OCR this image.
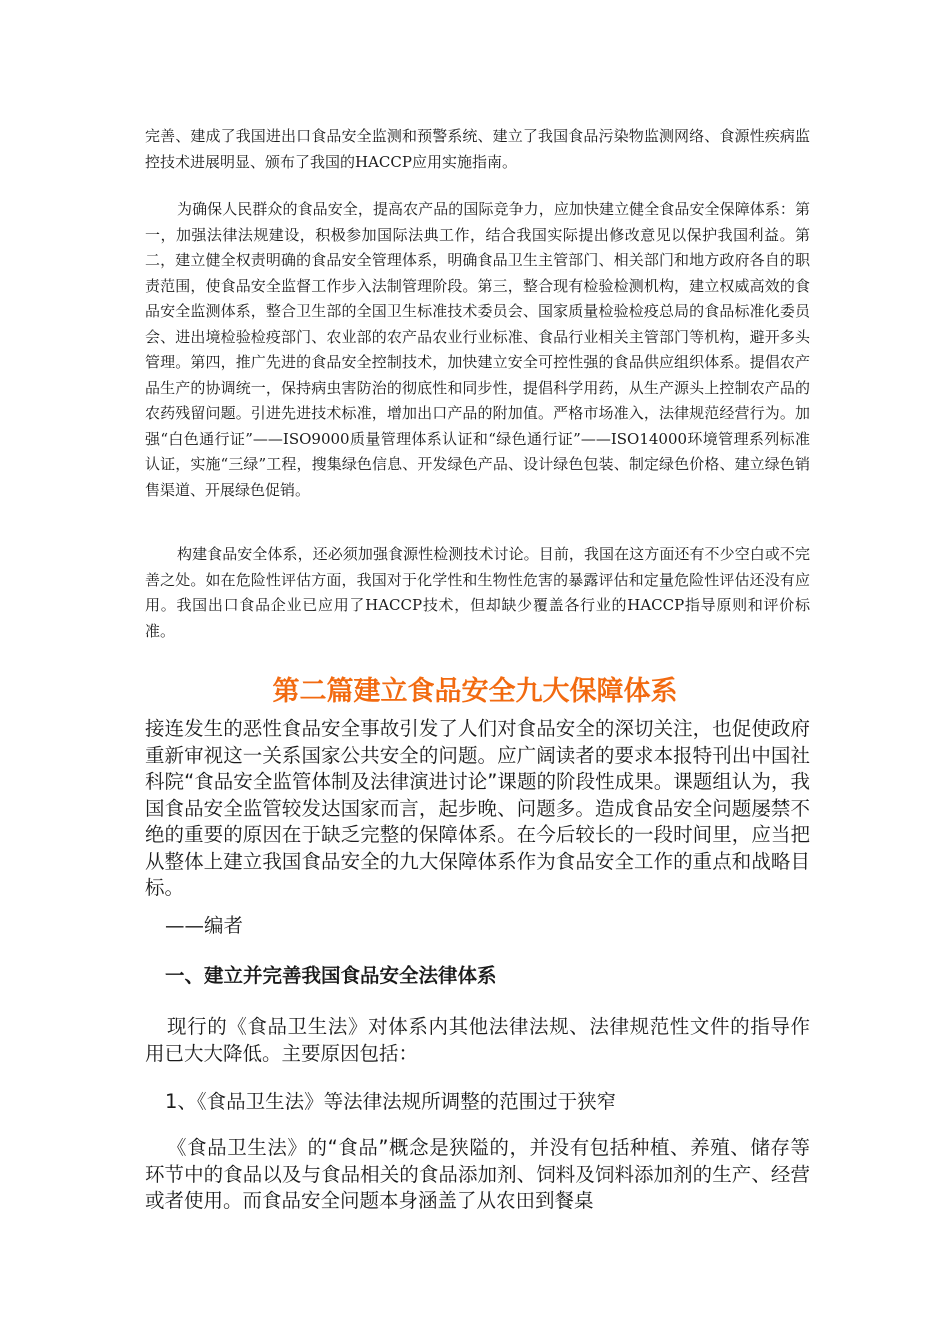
完善、建成了我国进出口食品安全监测和预警系统、建立了我国食品污染物监测网络、食源性疾病监控技术进展明显、颁布了我国的HACCP应用实施指南。

为确保人民群众的食品安全，提高农产品的国际竞争力，应加快建立健全食品安全保障体系：第一，加强法律法规建设，积极参加国际法典工作，结合我国实际提出修改意见以保护我国利益。第二，建立健全权责明确的食品安全管理体系，明确食品卫生主管部门、相关部门和地方政府各自的职责范围，使食品安全监督工作步入法制管理阶段。第三，整合现有检验检测机构，建立权威高效的食品安全监测体系，整合卫生部的全国卫生标准技术委员会、国家质量检验检疫总局的食品标准化委员会、进出境检验检疫部门、农业部的农产品农业行业标准、食品行业相关主管部门等机构，避开多头管理。第四，推广先进的食品安全控制技术，加快建立安全可控性强的食品供应组织体系。提倡农产品生产的协调统一，保持病虫害防治的彻底性和同步性，提倡科学用药，从生产源头上控制农产品的农药残留问题。引进先进技术标准，增加出口产品的附加值。严格市场准入，法律规范经营行为。加强“白色通行证”——ISO9000质量管理体系认证和“绿色通行证”——ISO14000环境管理系列标准认证，实施“三绿”工程，搜集绿色信息、开发绿色产品、设计绿色包装、制定绿色价格、建立绿色销售渠道、开展绿色促销。

构建食品安全体系，还必须加强食源性检测技术讨论。目前，我国在这方面还有不少空白或不完善之处。如在危险性评估方面，我国对于化学性和生物性危害的暴露评估和定量危险性评估还没有应用。我国出口食品企业已应用了HACCP技术，但却缺少覆盖各行业的HACCP指导原则和评价标准。

第二篇建立食品安全九大保障体系

接连发生的恶性食品安全事故引发了人们对食品安全的深切关注，也促使政府重新审视这一关系国家公共安全的问题。应广阔读者的要求本报特刊出中国社科院“食品安全监管体制及法律演进讨论”课题的阶段性成果。课题组认为，我国食品安全监管较发达国家而言，起步晚、问题多。造成食品安全问题屡禁不绝的重要的原因在于缺乏完整的保障体系。在今后较长的一段时间里，应当把从整体上建立我国食品安全的九大保障体系作为食品安全工作的重点和战略目标。

——编者

一、建立并完善我国食品安全法律体系

现行的《食品卫生法》对体系内其他法律法规、法律规范性文件的指导作用已大大降低。主要原因包括：

1、《食品卫生法》等法律法规所调整的范围过于狭窄

《食品卫生法》的“食品”概念是狭隘的，并没有包括种植、养殖、储存等环节中的食品以及与食品相关的食品添加剂、饲料及饲料添加剂的生产、经营或者使用。而食品安全问题本身涵盖了从农田到餐桌
